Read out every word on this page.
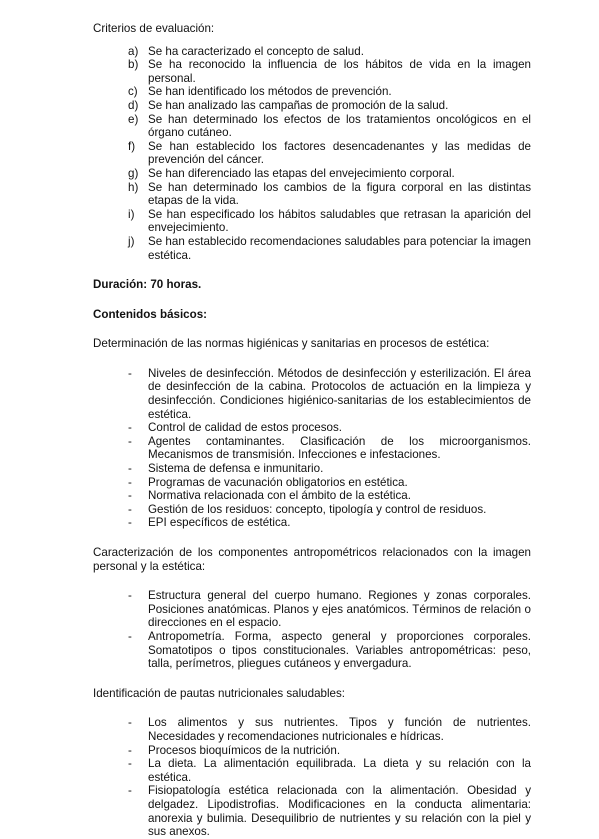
Criterios de evaluación:

a) Se ha caracterizado el concepto de salud.
b) Se ha reconocido la influencia de los hábitos de vida en la imagen personal.
c) Se han identificado los métodos de prevención.
d) Se han analizado las campañas de promoción de la salud.
e) Se han determinado los efectos de los tratamientos oncológicos en el órgano cutáneo.
f) Se han establecido los factores desencadenantes y las medidas de prevención del cáncer.
g) Se han diferenciado las etapas del envejecimiento corporal.
h) Se han determinado los cambios de la figura corporal en las distintas etapas de la vida.
i) Se han especificado los hábitos saludables que retrasan la aparición del envejecimiento.
j) Se han establecido recomendaciones saludables para potenciar la imagen estética.

Duración: 70 horas.

Contenidos básicos:

Determinación de las normas higiénicas y sanitarias en procesos de estética:

- Niveles de desinfección. Métodos de desinfección y esterilización. El área de desinfección de la cabina. Protocolos de actuación en la limpieza y desinfección. Condiciones higiénico-sanitarias de los establecimientos de estética.
- Control de calidad de estos procesos.
- Agentes contaminantes. Clasificación de los microorganismos. Mecanismos de transmisión. Infecciones e infestaciones.
- Sistema de defensa e inmunitario.
- Programas de vacunación obligatorios en estética.
- Normativa relacionada con el ámbito de la estética.
- Gestión de los residuos: concepto, tipología y control de residuos.
- EPI específicos de estética.

Caracterización de los componentes antropométricos relacionados con la imagen personal y la estética:

- Estructura general del cuerpo humano. Regiones y zonas corporales. Posiciones anatómicas. Planos y ejes anatómicos. Términos de relación o direcciones en el espacio.
- Antropometría. Forma, aspecto general y proporciones corporales. Somatotipos o tipos constitucionales. Variables antropométricas: peso, talla, perímetros, pliegues cutáneos y envergadura.

Identificación de pautas nutricionales saludables:

- Los alimentos y sus nutrientes. Tipos y función de nutrientes. Necesidades y recomendaciones nutricionales e hídricas.
- Procesos bioquímicos de la nutrición.
- La dieta. La alimentación equilibrada. La dieta y su relación con la estética.
- Fisiopatología estética relacionada con la alimentación. Obesidad y delgadez. Lipodistrofias. Modificaciones en la conducta alimentaria: anorexia y bulimia. Desequilibrio de nutrientes y su relación con la piel y sus anexos.
